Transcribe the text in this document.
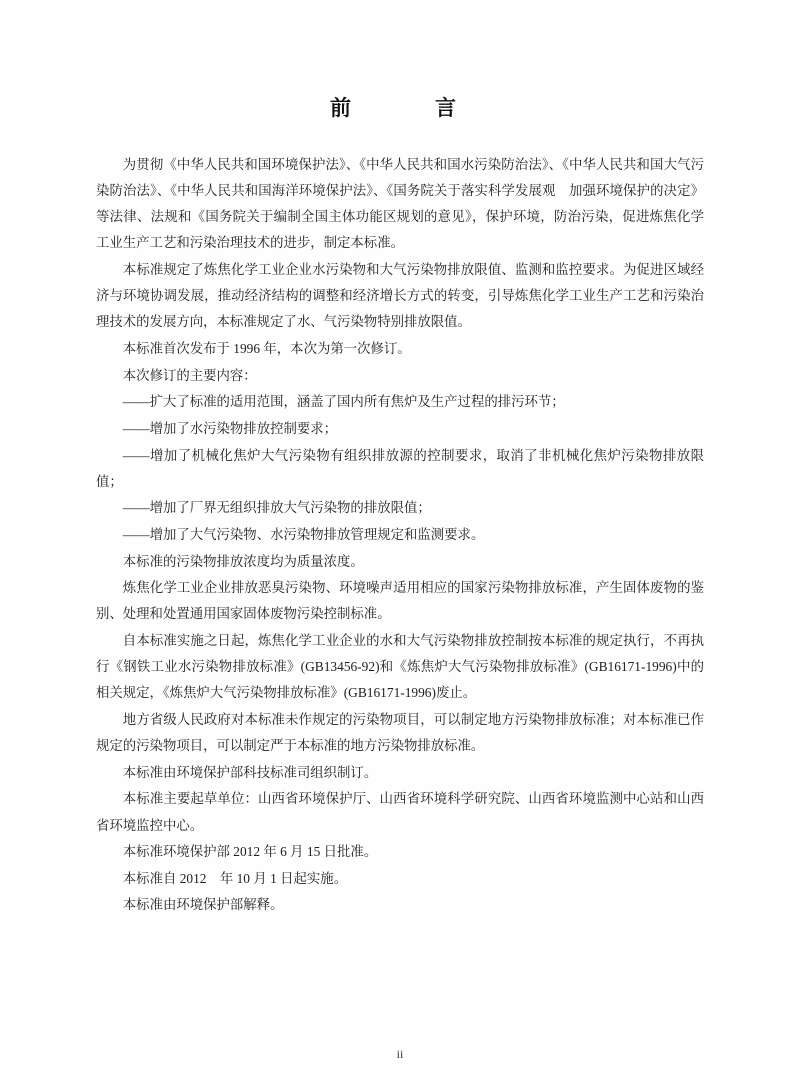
前　　言

为贯彻《中华人民共和国环境保护法》、《中华人民共和国水污染防治法》、《中华人民共和国大气污染防治法》、《中华人民共和国海洋环境保护法》、《国务院关于落实科学发展观　加强环境保护的决定》等法律、法规和《国务院关于编制全国主体功能区规划的意见》，保护环境，防治污染，促进炼焦化学工业生产工艺和污染治理技术的进步，制定本标准。

本标准规定了炼焦化学工业企业水污染物和大气污染物排放限值、监测和监控要求。为促进区域经济与环境协调发展，推动经济结构的调整和经济增长方式的转变，引导炼焦化学工业生产工艺和污染治理技术的发展方向，本标准规定了水、气污染物特别排放限值。

本标准首次发布于 1996 年，本次为第一次修订。

本次修订的主要内容：

——扩大了标准的适用范围，涵盖了国内所有焦炉及生产过程的排污环节；

——增加了水污染物排放控制要求；

——增加了机械化焦炉大气污染物有组织排放源的控制要求，取消了非机械化焦炉污染物排放限值；

——增加了厂界无组织排放大气污染物的排放限值；

——增加了大气污染物、水污染物排放管理规定和监测要求。

本标准的污染物排放浓度均为质量浓度。

炼焦化学工业企业排放恶臭污染物、环境噪声适用相应的国家污染物排放标准，产生固体废物的鉴别、处理和处置通用国家固体废物污染控制标准。

自本标准实施之日起，炼焦化学工业企业的水和大气污染物排放控制按本标准的规定执行，不再执行《钢铁工业水污染物排放标准》(GB13456-92)和《炼焦炉大气污染物排放标准》(GB16171-1996)中的相关规定，《炼焦炉大气污染物排放标准》(GB16171-1996)废止。

地方省级人民政府对本标准未作规定的污染物项目，可以制定地方污染物排放标准；对本标准已作规定的污染物项目，可以制定严于本标准的地方污染物排放标准。

本标准由环境保护部科技标准司组织制订。

本标准主要起草单位：山西省环境保护厅、山西省环境科学研究院、山西省环境监测中心站和山西省环境监控中心。

本标准环境保护部 2012 年 6 月 15 日批准。

本标准自 2012　年 10 月 1 日起实施。

本标准由环境保护部解释。

ii
